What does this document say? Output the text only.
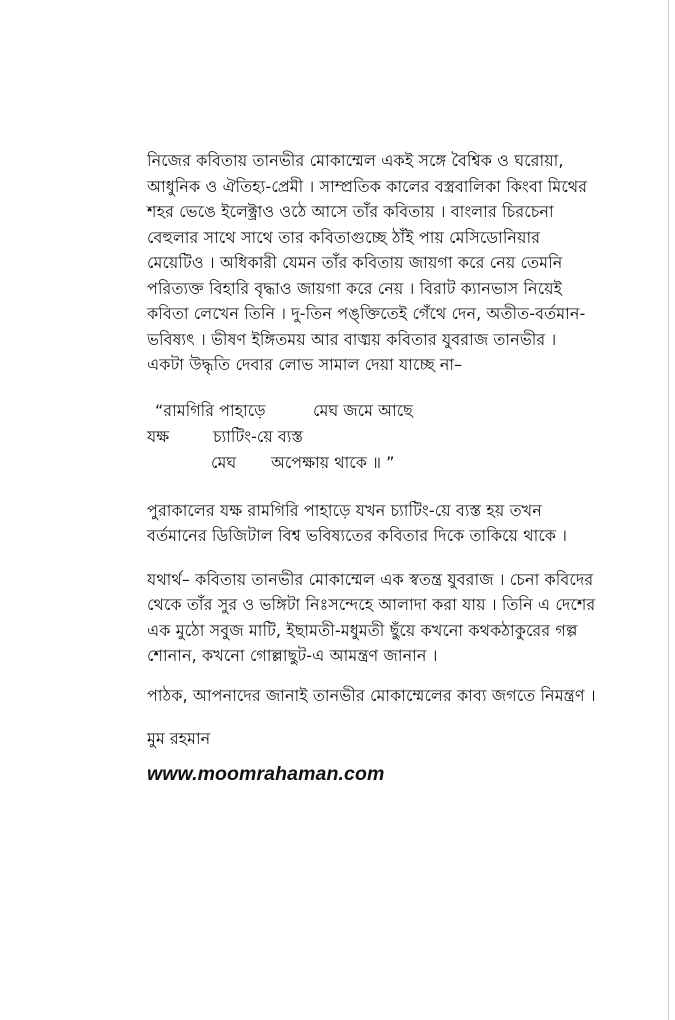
নিজের কবিতায় তানভীর মোকাম্মেল একই সঙ্গে বৈশ্বিক ও ঘরোয়া, আধুনিক ও ঐতিহ্য-প্রেমী । সাম্প্রতিক কালের বস্ত্রবালিকা কিংবা মিথের শহর ভেঙে ইলেক্ট্রাও ওঠে আসে তাঁর কবিতায় । বাংলার চিরচেনা বেহুলার সাথে সাথে তার কবিতাগুচ্ছে ঠাঁই পায় মেসিডোনিয়ার মেয়েটিও । অধিকারী যেমন তাঁর কবিতায় জায়গা করে নেয় তেমনি পরিত্যক্ত বিহারি বৃদ্ধাও জায়গা করে নেয় । বিরাট ক্যানভাস নিয়েই কবিতা লেখেন তিনি । দু-তিন পঙ্‌ক্তিতেই গেঁথে দেন, অতীত-বর্তমান-ভবিষ্যৎ । ভীষণ ইঙ্গিতময় আর বাঙ্ময় কবিতার যুবরাজ তানভীর । একটা উদ্ধৃতি দেবার লোভ সামাল দেয়া যাচ্ছে না–

“রামগিরি পাহাড়ে	মেঘ জমে আছে
যক্ষ	চ্যাটিং-য়ে ব্যস্ত
মেঘ অপেক্ষায় থাকে ॥ ”

পুরাকালের যক্ষ রামগিরি পাহাড়ে যখন চ্যাটিং-য়ে ব্যস্ত হয় তখন বর্তমানের ডিজিটাল বিশ্ব ভবিষ্যতের কবিতার দিকে তাকিয়ে থাকে ।

যথার্থ– কবিতায় তানভীর মোকাম্মেল এক স্বতন্ত্র যুবরাজ । চেনা কবিদের থেকে তাঁর সুর ও ভঙ্গিটা নিঃসন্দেহে আলাদা করা যায় । তিনি এ দেশের এক মুঠো সবুজ মাটি, ইছামতী-মধুমতী ছুঁয়ে কখনো কথকঠাকুরের গল্প শোনান, কখনো গোল্লাছুট-এ আমন্ত্রণ জানান ।

পাঠক, আপনাদের জানাই তানভীর মোকাম্মেলের কাব্য জগতে নিমন্ত্রণ ।

মুম রহমান

www.moomrahaman.com
